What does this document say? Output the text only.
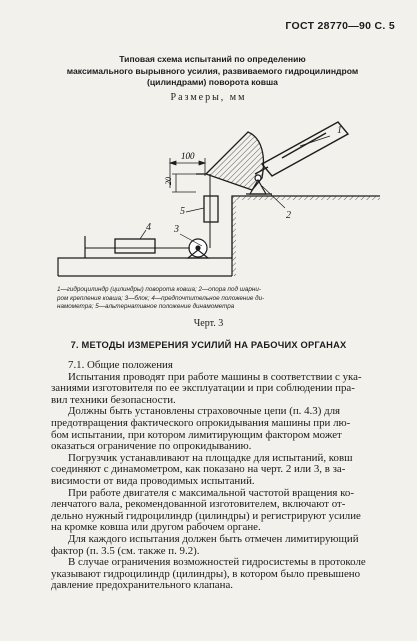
ГОСТ 28770—90 С. 5
Типовая схема испытаний по определению
максимального вырывного усилия, развиваемого гидроцилиндром
(цилиндрами) поворота ковша
Размеры, мм
100
20
1
2
3
4
5
1—гидроцилиндр (цилиндры) поворота ковша; 2—опора под шарни-
ром крепления ковша; 3—блок; 4—предпочтительное положение ди-
намометра; 5—альтернативное положение динамометра
Черт. 3
7. МЕТОДЫ ИЗМЕРЕНИЯ УСИЛИЙ НА РАБОЧИХ ОРГАНАХ

7.1. Общие положения

Испытания проводят при работе машины в соответствии с ука-
заниями изготовителя по ее эксплуатации и при соблюдении пра-
вил техники безопасности.

Должны быть установлены страховочные цепи (п. 4.3) для
предотвращения фактического опрокидывания машины при лю-
бом испытании, при котором лимитирующим фактором может
оказаться ограничение по опрокидыванию.

Погрузчик устанавливают на площадке для испытаний, ковш
соединяют с динамометром, как показано на черт. 2 или 3, в за-
висимости от вида проводимых испытаний.

При работе двигателя с максимальной частотой вращения ко-
ленчатого вала, рекомендованной изготовителем, включают от-
дельно нужный гидроцилиндр (цилиндры) и регистрируют усилие
на кромке ковша или другом рабочем органе.

Для каждого испытания должен быть отмечен лимитирующий
фактор (п. 3.5 (см. также п. 9.2).

В случае ограничения возможностей гидросистемы в протоколе
указывают гидроцилиндр (цилиндры), в котором было превышено
давление предохранительного клапана.
